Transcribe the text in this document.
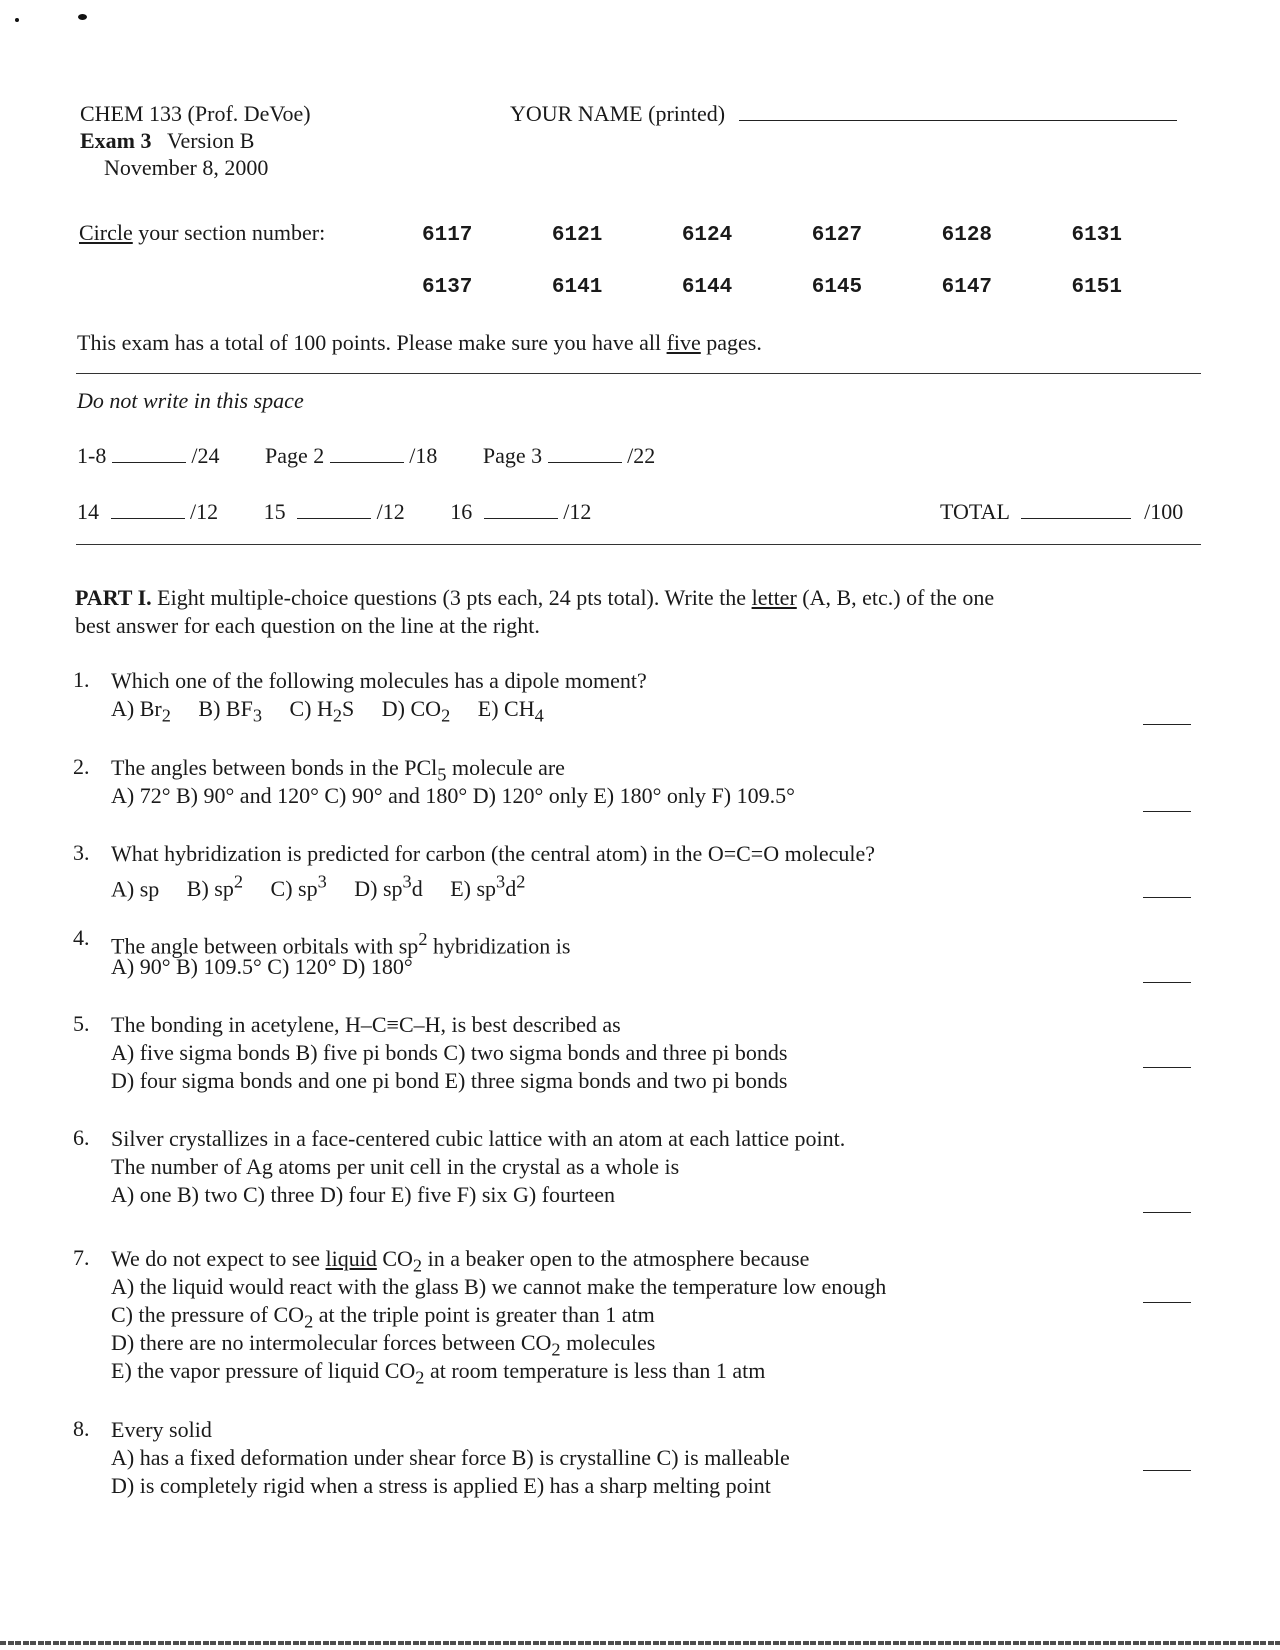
CHEM 133 (Prof. DeVoe)
Exam 3 Version B
November 8, 2000
YOUR NAME (printed)
Circle your section number:	6117	6121	6124	6127	6128	6131
6137	6141	6144	6145	6147	6151
This exam has a total of 100 points. Please make sure you have all five pages.
Do not write in this space
1-8	/24 Page 2	/18 Page 3	/22
14	/12 15	/12 16	/12	TOTAL	/100
PART I. Eight multiple-choice questions (3 pts each, 24 pts total). Write the letter (A, B, etc.) of the one
best answer for each question on the line at the right.
1. Which one of the following molecules has a dipole moment?
A) $Br_2$ B) $BF_3$ C) $H_2S$ D) $CO_2$ E) $CH_4$
2. The angles between bonds in the PCl$_5$ molecule are
A) 72° B) 90° and 120° C) 90° and 180° D) 120° only E) 180° only F) 109.5°
3. What hybridization is predicted for carbon (the central atom) in the O=C=O molecule?
A) sp B) $sp^2$ C) $sp^3$ D) $sp^3d$ E) $sp^3d^2$
4. The angle between orbitals with $sp^2$ hybridization is
A) 90° B) 109.5° C) 120° D) 180°
5. The bonding in acetylene, H–C≡C–H, is best described as
A) five sigma bonds B) five pi bonds C) two sigma bonds and three pi bonds
D) four sigma bonds and one pi bond E) three sigma bonds and two pi bonds
6. Silver crystallizes in a face-centered cubic lattice with an atom at each lattice point.
The number of Ag atoms per unit cell in the crystal as a whole is
A) one B) two C) three D) four E) five F) six G) fourteen
7. We do not expect to see liquid $CO_2$ in a beaker open to the atmosphere because
A) the liquid would react with the glass B) we cannot make the temperature low enough
C) the pressure of $CO_2$ at the triple point is greater than 1 atm
D) there are no intermolecular forces between $CO_2$ molecules
E) the vapor pressure of liquid $CO_2$ at room temperature is less than 1 atm
8. Every solid
A) has a fixed deformation under shear force B) is crystalline C) is malleable
D) is completely rigid when a stress is applied E) has a sharp melting point
